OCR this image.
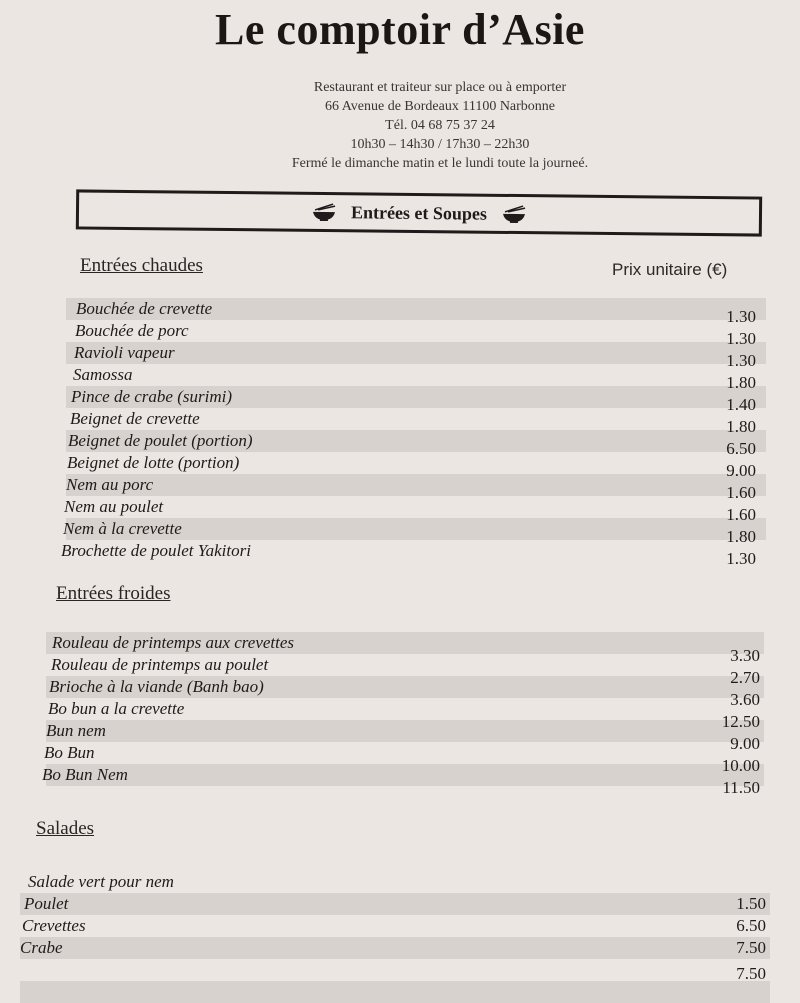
Le comptoir d’Asie
Restaurant et traiteur sur place ou à emporter
66 Avenue de Bordeaux 11100 Narbonne
Tél. 04 68 75 37 24
10h30 – 14h30 / 17h30 – 22h30
Fermé le dimanche matin et le lundi toute la journeé.
Entrées et Soupes
Entrées chaudes	Prix unitaire (€)
Bouchée de crevette
Bouchée de porc
Ravioli vapeur
Samossa
Pince de crabe (surimi)
Beignet de crevette
Beignet de poulet (portion)
Beignet de lotte (portion)
Nem au porc
Nem au poulet
Nem à la crevette
Brochette de poulet Yakitori
1.30
1.30
1.30
1.80
1.40
1.80
6.50
9.00
1.60
1.60
1.80
1.30
Entrées froides
Rouleau de printemps aux crevettes
Rouleau de printemps au poulet
Brioche à la viande (Banh bao)
Bo bun a la crevette
Bun nem
Bo Bun
Bo Bun Nem
3.30
2.70
3.60
12.50
9.00
10.00
11.50
Salades
Salade vert pour nem
Poulet
Crevettes
Crabe
1.50
6.50
7.50
7.50
